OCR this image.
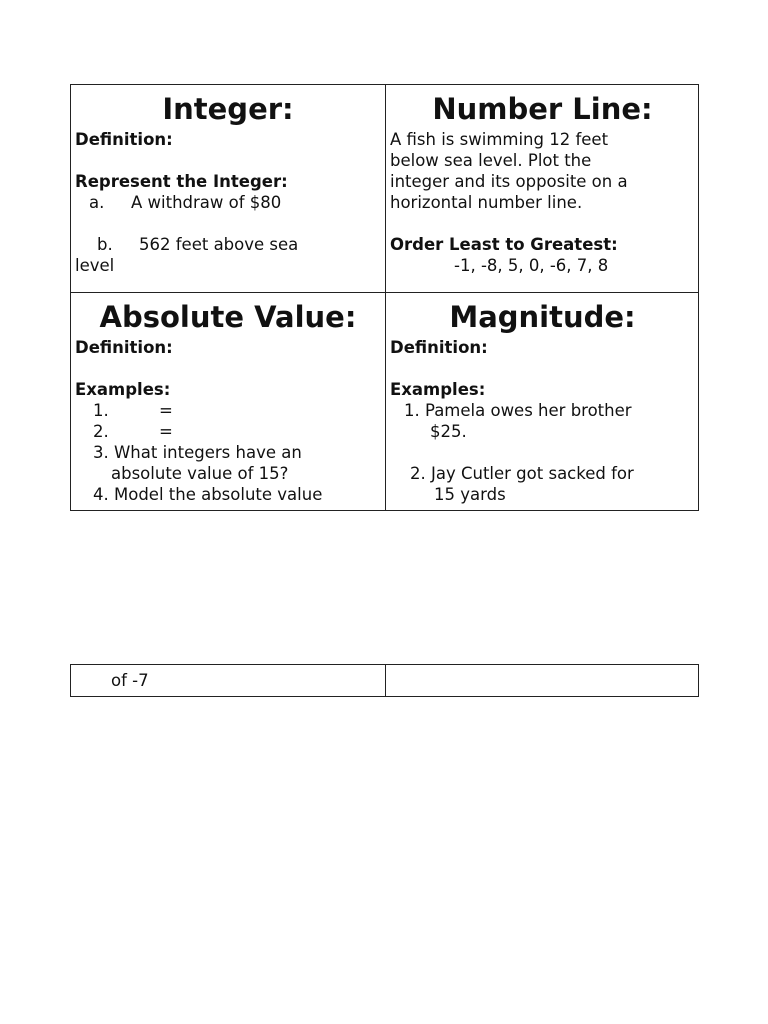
Integer:
Definition:
Represent the Integer:
a. A withdraw of $80
b. 562 feet above sea
level
Number Line:
A fish is swimming 12 feet
below sea level. Plot the
integer and its opposite on a
horizontal number line.
Order Least to Greatest:
-1, -8, 5, 0, -6, 7, 8
Absolute Value:
Definition:
Examples:
1.	=
2.	=
3. What integers have an
absolute value of 15?
4. Model the absolute value
Magnitude:
Definition:
Examples:
1. Pamela owes her brother
$25.
2. Jay Cutler got sacked for
15 yards
of -7
